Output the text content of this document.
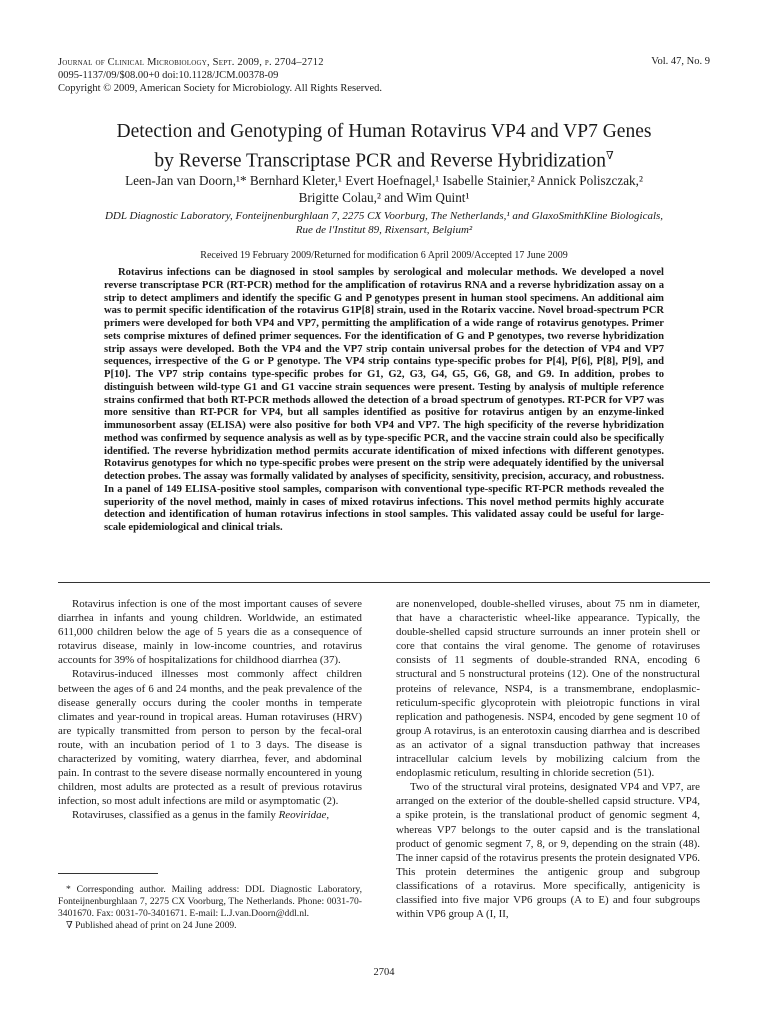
Journal of Clinical Microbiology, Sept. 2009, p. 2704–2712
0095-1137/09/$08.00+0 doi:10.1128/JCM.00378-09
Copyright © 2009, American Society for Microbiology. All Rights Reserved.
Vol. 47, No. 9
Detection and Genotyping of Human Rotavirus VP4 and VP7 Genes
by Reverse Transcriptase PCR and Reverse Hybridization∇
Leen-Jan van Doorn,¹* Bernhard Kleter,¹ Evert Hoefnagel,¹ Isabelle Stainier,² Annick Poliszczak,²
Brigitte Colau,² and Wim Quint¹
DDL Diagnostic Laboratory, Fonteijnenburghlaan 7, 2275 CX Voorburg, The Netherlands,¹ and GlaxoSmithKline Biologicals,
Rue de l'Institut 89, Rixensart, Belgium²
Received 19 February 2009/Returned for modification 6 April 2009/Accepted 17 June 2009
Rotavirus infections can be diagnosed in stool samples by serological and molecular methods. We developed a novel reverse transcriptase PCR (RT-PCR) method for the amplification of rotavirus RNA and a reverse hybridization assay on a strip to detect amplimers and identify the specific G and P genotypes present in human stool specimens. An additional aim was to permit specific identification of the rotavirus G1P[8] strain, used in the Rotarix vaccine. Novel broad-spectrum PCR primers were developed for both VP4 and VP7, permitting the amplification of a wide range of rotavirus genotypes. Primer sets comprise mixtures of defined primer sequences. For the identification of G and P genotypes, two reverse hybridization strip assays were developed. Both the VP4 and the VP7 strip contain universal probes for the detection of VP4 and VP7 sequences, irrespective of the G or P genotype. The VP4 strip contains type-specific probes for P[4], P[6], P[8], P[9], and P[10]. The VP7 strip contains type-specific probes for G1, G2, G3, G4, G5, G6, G8, and G9. In addition, probes to distinguish between wild-type G1 and G1 vaccine strain sequences were present. Testing by analysis of multiple reference strains confirmed that both RT-PCR methods allowed the detection of a broad spectrum of genotypes. RT-PCR for VP7 was more sensitive than RT-PCR for VP4, but all samples identified as positive for rotavirus antigen by an enzyme-linked immunosorbent assay (ELISA) were also positive for both VP4 and VP7. The high specificity of the reverse hybridization method was confirmed by sequence analysis as well as by type-specific PCR, and the vaccine strain could also be specifically identified. The reverse hybridization method permits accurate identification of mixed infections with different genotypes. Rotavirus genotypes for which no type-specific probes were present on the strip were adequately identified by the universal detection probes. The assay was formally validated by analyses of specificity, sensitivity, precision, accuracy, and robustness. In a panel of 149 ELISA-positive stool samples, comparison with conventional type-specific RT-PCR methods revealed the superiority of the novel method, mainly in cases of mixed rotavirus infections. This novel method permits highly accurate detection and identification of human rotavirus infections in stool samples. This validated assay could be useful for large-scale epidemiological and clinical trials.

Rotavirus infection is one of the most important causes of severe diarrhea in infants and young children. Worldwide, an estimated 611,000 children below the age of 5 years die as a consequence of rotavirus disease, mainly in low-income countries, and rotavirus accounts for 39% of hospitalizations for childhood diarrhea (37).

Rotavirus-induced illnesses most commonly affect children between the ages of 6 and 24 months, and the peak prevalence of the disease generally occurs during the cooler months in temperate climates and year-round in tropical areas. Human rotaviruses (HRV) are typically transmitted from person to person by the fecal-oral route, with an incubation period of 1 to 3 days. The disease is characterized by vomiting, watery diarrhea, fever, and abdominal pain. In contrast to the severe disease normally encountered in young children, most adults are protected as a result of previous rotavirus infection, so most adult infections are mild or asymptomatic (2).

Rotaviruses, classified as a genus in the family Reoviridae,

* Corresponding author. Mailing address: DDL Diagnostic Laboratory, Fonteijnenburghlaan 7, 2275 CX Voorburg, The Netherlands. Phone: 0031-70-3401670. Fax: 0031-70-3401671. E-mail: L.J.van.Doorn@ddl.nl.

∇ Published ahead of print on 24 June 2009.

are nonenveloped, double-shelled viruses, about 75 nm in diameter, that have a characteristic wheel-like appearance. Typically, the double-shelled capsid structure surrounds an inner protein shell or core that contains the viral genome. The genome of rotaviruses consists of 11 segments of double-stranded RNA, encoding 6 structural and 5 nonstructural proteins (12). One of the nonstructural proteins of relevance, NSP4, is a transmembrane, endoplasmic-reticulum-specific glycoprotein with pleiotropic functions in viral replication and pathogenesis. NSP4, encoded by gene segment 10 of group A rotavirus, is an enterotoxin causing diarrhea and is described as an activator of a signal transduction pathway that increases intracellular calcium levels by mobilizing calcium from the endoplasmic reticulum, resulting in chloride secretion (51).

Two of the structural viral proteins, designated VP4 and VP7, are arranged on the exterior of the double-shelled capsid structure. VP4, a spike protein, is the translational product of genomic segment 4, whereas VP7 belongs to the outer capsid and is the translational product of genomic segment 7, 8, or 9, depending on the strain (48). The inner capsid of the rotavirus presents the protein designated VP6. This protein determines the antigenic group and subgroup classifications of a rotavirus. More specifically, antigenicity is classified into five major VP6 groups (A to E) and four subgroups within VP6 group A (I, II,

2704
